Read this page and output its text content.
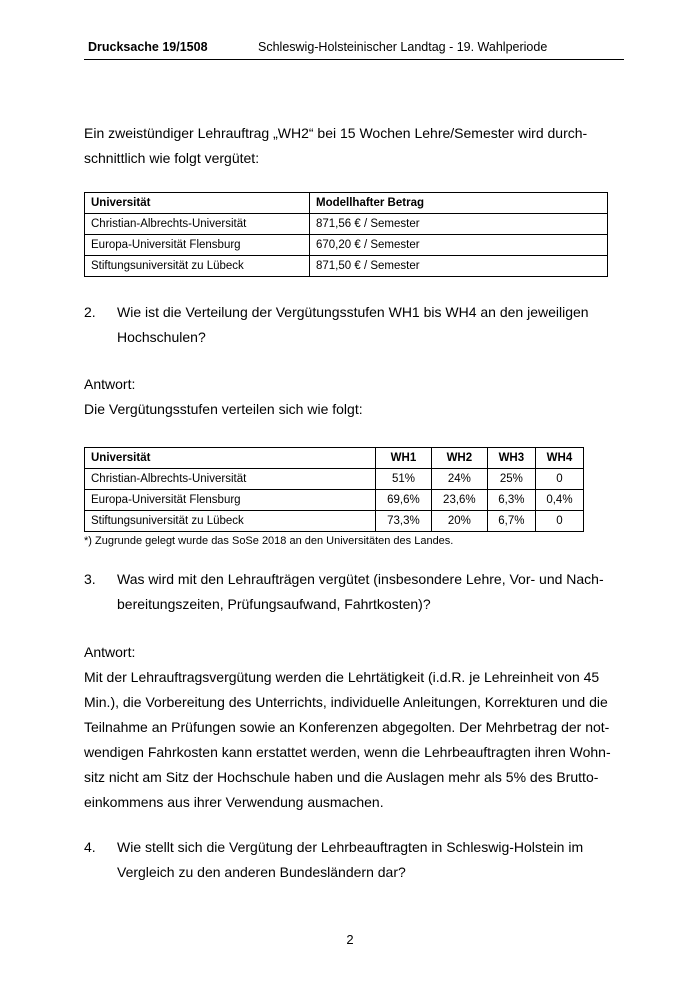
Drucksache 19/1508	Schleswig-Holsteinischer Landtag - 19. Wahlperiode
Ein zweistündiger Lehrauftrag „WH2“ bei 15 Wochen Lehre/Semester wird durch-
schnittlich wie folgt vergütet:
Universität	Modellhafter Betrag
Christian-Albrechts-Universität	871,56 € / Semester
Europa-Universität Flensburg	670,20 € / Semester
Stiftungsuniversität zu Lübeck	871,50 € / Semester
2. Wie ist die Verteilung der Vergütungsstufen WH1 bis WH4 an den jeweiligen
Hochschulen?
Antwort:
Die Vergütungsstufen verteilen sich wie folgt:
Universität	WH1	WH2	WH3	WH4
Christian-Albrechts-Universität	51%	24%	25%	0
Europa-Universität Flensburg	69,6%	23,6%	6,3%	0,4%
Stiftungsuniversität zu Lübeck	73,3%	20%	6,7%	0
*) Zugrunde gelegt wurde das SoSe 2018 an den Universitäten des Landes.
3. Was wird mit den Lehraufträgen vergütet (insbesondere Lehre, Vor- und Nach-
bereitungszeiten, Prüfungsaufwand, Fahrtkosten)?
Antwort:
Mit der Lehrauftragsvergütung werden die Lehrtätigkeit (i.d.R. je Lehreinheit von 45
Min.), die Vorbereitung des Unterrichts, individuelle Anleitungen, Korrekturen und die
Teilnahme an Prüfungen sowie an Konferenzen abgegolten. Der Mehrbetrag der not-
wendigen Fahrkosten kann erstattet werden, wenn die Lehrbeauftragten ihren Wohn-
sitz nicht am Sitz der Hochschule haben und die Auslagen mehr als 5% des Brutto-
einkommens aus ihrer Verwendung ausmachen.
4. Wie stellt sich die Vergütung der Lehrbeauftragten in Schleswig-Holstein im
Vergleich zu den anderen Bundesländern dar?
2
